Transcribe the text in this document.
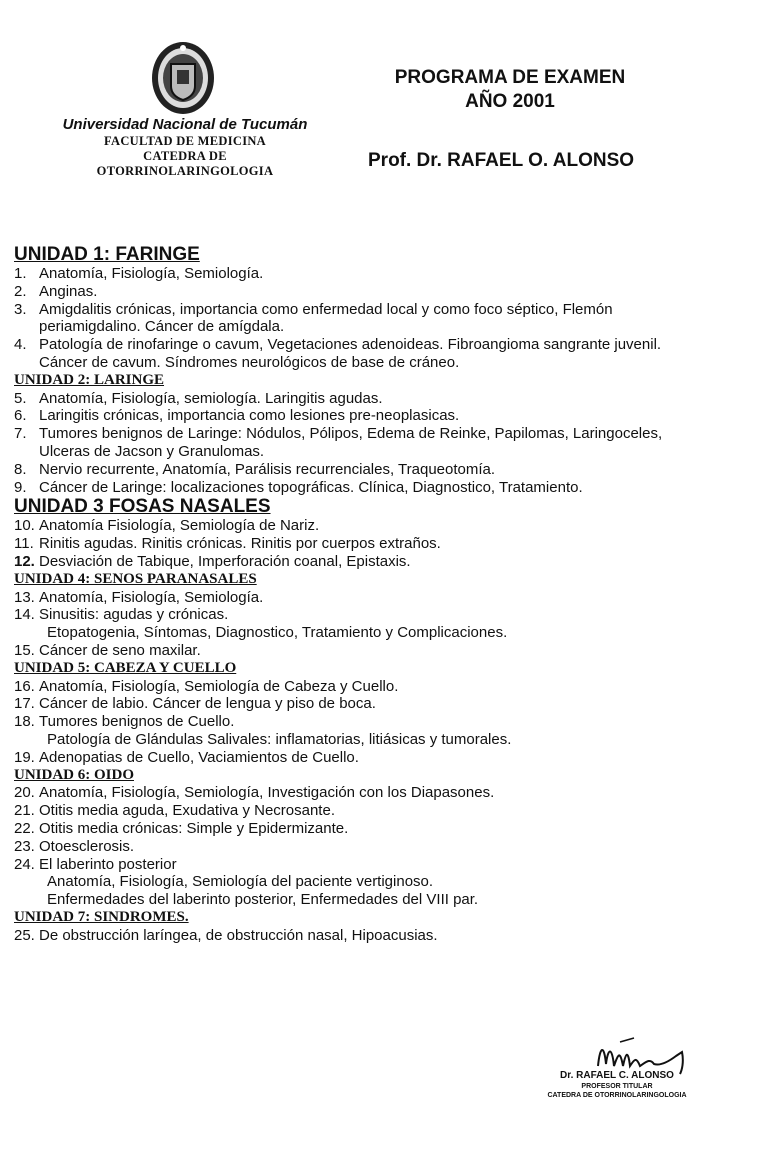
Universidad Nacional de Tucumán
FACULTAD DE MEDICINA
CATEDRA DE
OTORRINOLARINGOLOGIA
PROGRAMA DE EXAMEN
AÑO 2001
Prof. Dr. RAFAEL O. ALONSO
UNIDAD 1: FARINGE
1. Anatomía, Fisiología, Semiología.
2. Anginas.
3. Amigdalitis crónicas, importancia como enfermedad local y como foco séptico, Flemón periamigdalino. Cáncer de amígdala.
4. Patología de rinofaringe o cavum, Vegetaciones adenoideas. Fibroangioma sangrante juvenil. Cáncer de cavum. Síndromes neurológicos de base de cráneo.
UNIDAD 2: LARINGE
5. Anatomía, Fisiología, semiología. Laringitis agudas.
6. Laringitis crónicas, importancia como lesiones pre-neoplasicas.
7. Tumores benignos de Laringe: Nódulos, Pólipos, Edema de Reinke, Papilomas, Laringoceles, Ulceras de Jacson y Granulomas.
8. Nervio recurrente, Anatomía, Parálisis recurrenciales, Traqueotomía.
9. Cáncer de Laringe: localizaciones topográficas. Clínica, Diagnostico, Tratamiento.
UNIDAD 3 FOSAS NASALES
10. Anatomía Fisiología, Semiología de Nariz.
11. Rinitis agudas. Rinitis crónicas. Rinitis por cuerpos extraños.
12. Desviación de Tabique, Imperforación coanal, Epistaxis.
UNIDAD 4: SENOS PARANASALES
13. Anatomía, Fisiología, Semiología.
14. Sinusitis: agudas y crónicas.
Etopatogenia, Síntomas, Diagnostico, Tratamiento y Complicaciones.
15. Cáncer de seno maxilar.
UNIDAD 5: CABEZA Y CUELLO
16. Anatomía, Fisiología, Semiología de Cabeza y Cuello.
17. Cáncer de labio. Cáncer de lengua y piso de boca.
18. Tumores benignos de Cuello.
Patología de Glándulas Salivales: inflamatorias, litiásicas y tumorales.
19. Adenopatias de Cuello, Vaciamientos de Cuello.
UNIDAD 6: OIDO
20. Anatomía, Fisiología, Semiología, Investigación con los Diapasones.
21. Otitis media aguda, Exudativa y Necrosante.
22. Otitis media crónicas: Simple y Epidermizante.
23. Otoesclerosis.
24. El laberinto posterior
Anatomía, Fisiología, Semiología del paciente vertiginoso.
Enfermedades del laberinto posterior, Enfermedades del VIII par.
UNIDAD 7: SINDROMES.
25. De obstrucción laríngea, de obstrucción nasal, Hipoacusias.
Dr. RAFAEL C. ALONSO
PROFESOR TITULAR
CATEDRA DE OTORRINOLARINGOLOGIA
